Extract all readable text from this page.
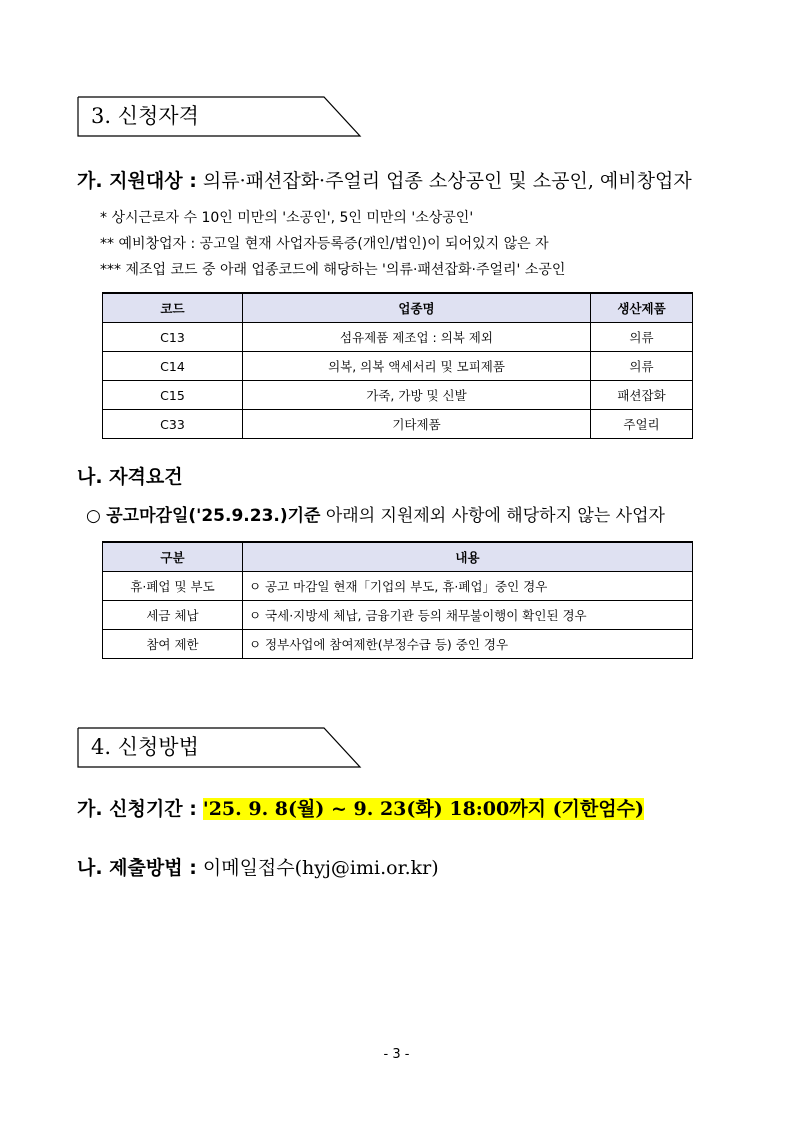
3. 신청자격
가. 지원대상 : 의류·패션잡화·주얼리 업종 소상공인 및 소공인, 예비창업자
* 상시근로자 수 10인 미만의 '소공인', 5인 미만의 '소상공인'
** 예비창업자 : 공고일 현재 사업자등록증(개인/법인)이 되어있지 않은 자
*** 제조업 코드 중 아래 업종코드에 해당하는 '의류·패션잡화·주얼리' 소공인
코드	업종명	생산제품
C13	섬유제품 제조업 : 의복 제외	의류
C14	의복, 의복 액세서리 및 모피제품	의류
C15	가죽, 가방 및 신발	패션잡화
C33	기타제품	주얼리
나. 자격요건
○ 공고마감일('25.9.23.)기준 아래의 지원제외 사항에 해당하지 않는 사업자
구분	내용
휴·폐업 및 부도	ㅇ 공고 마감일 현재「기업의 부도, 휴·폐업」중인 경우
세금 체납	ㅇ 국세·지방세 체납, 금융기관 등의 채무불이행이 확인된 경우
참여 제한	ㅇ 정부사업에 참여제한(부정수급 등) 중인 경우
4. 신청방법
가. 신청기간 : '25. 9. 8(월) ~ 9. 23(화) 18:00까지 (기한엄수)
나. 제출방법 : 이메일접수(hyj@imi.or.kr)
- 3 -
